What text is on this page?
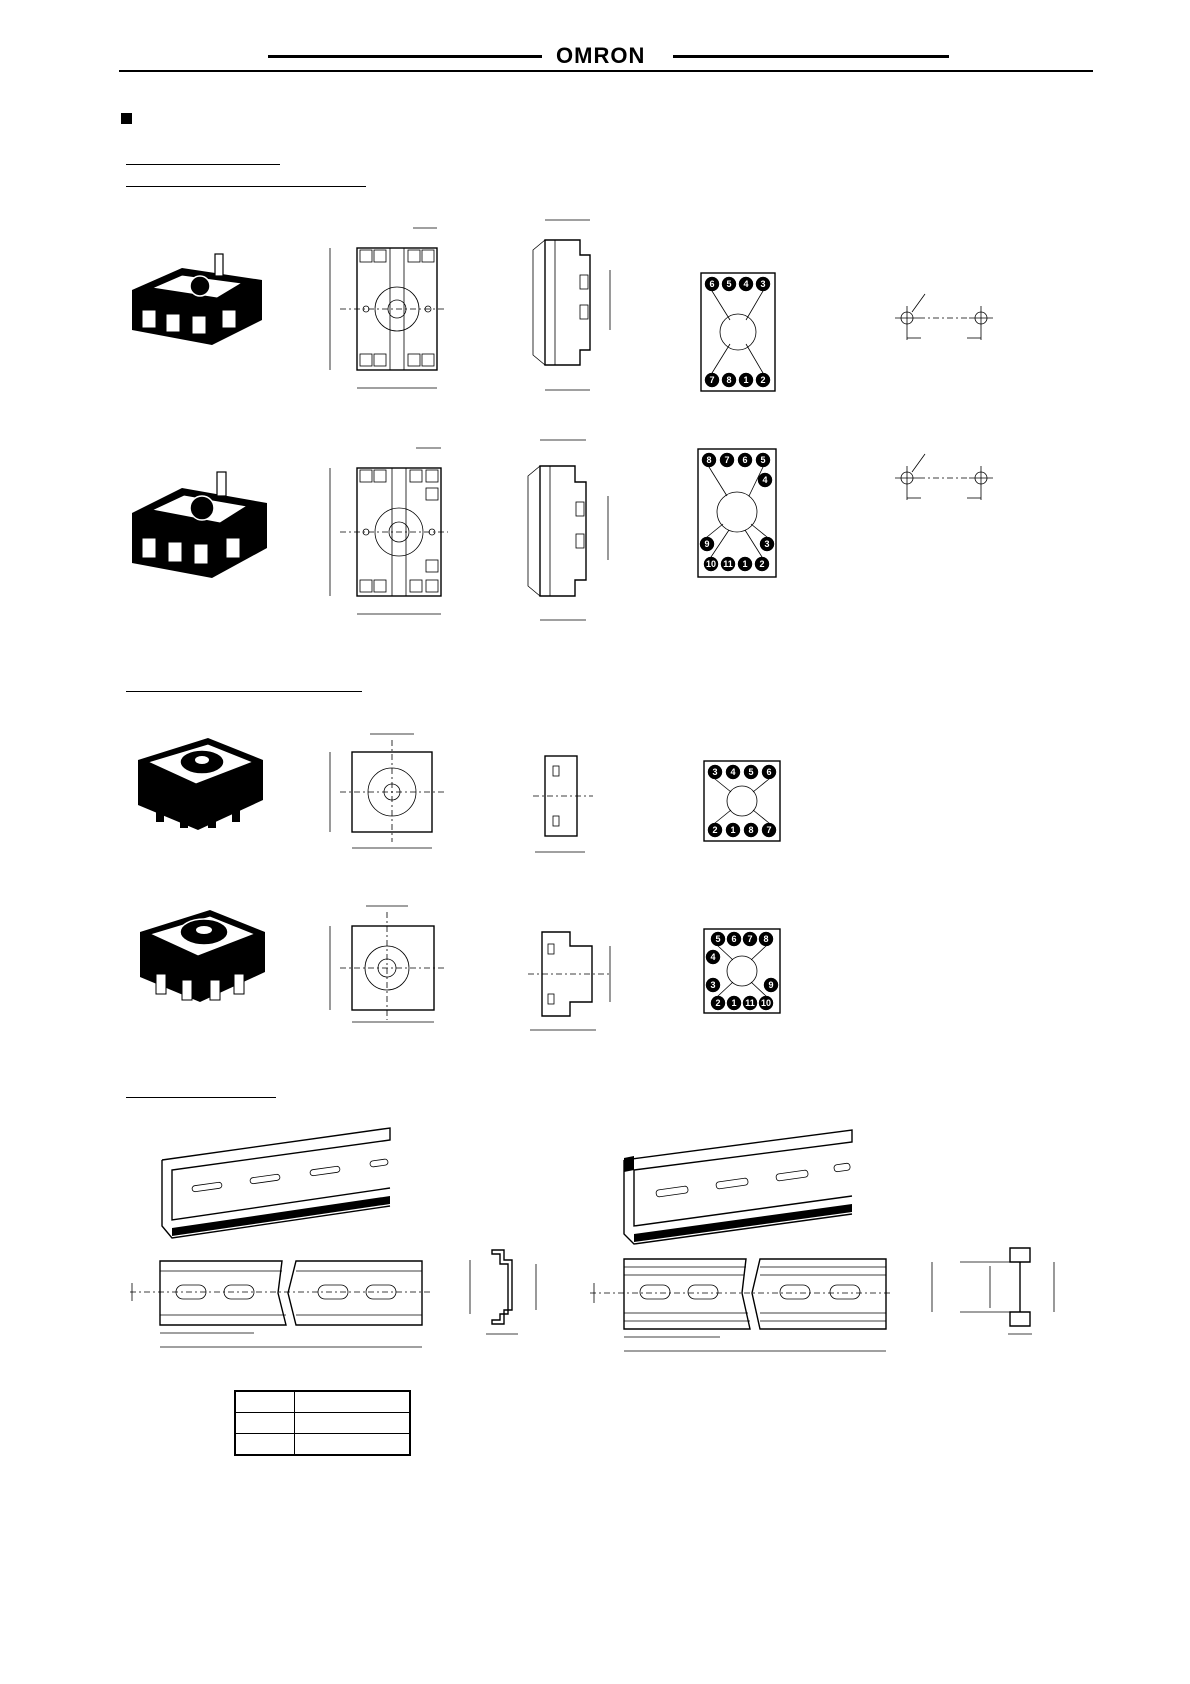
OMRON
6 5 4 3
7 8 1 2
8 7 6 5
4
9	3
10 11 1 2
3 4 5 6
2 1 8 7
5 6 7 8
4
9
3
2 1 11 10
